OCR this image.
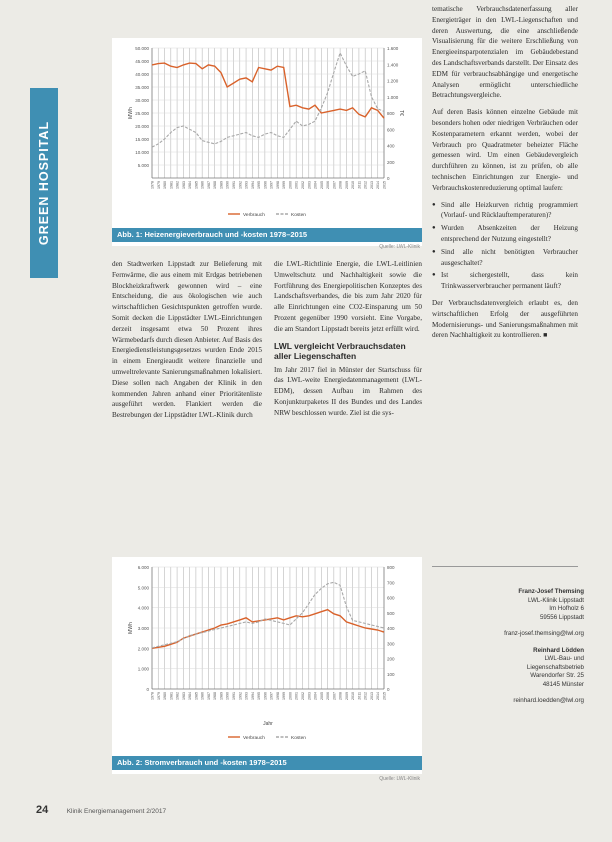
GREEN HOSPITAL	5.000
10.000
15.000
20.000
25.000
30.000
35.000
40.000
45.000
50.000
0
200
400
600
800
1.000
1.200
1.400
1.600
1978 1979 1980 1981 1982 1983 1984 1985 1986 1987 1988 1989 1990 1991 1992 1993 1994 1995 1996 1997 1998 1999 2000 2001 2002 2003 2004 2005 2006 2007 2008 2009 2010 2011 2012 2013 2014 2015
MWh	T€
Verbrauch	Kosten
Abb. 1: Heizenergieverbrauch und -kosten 1978–2015
Quelle: LWL-Klinik
0
1.000
2.000
3.000
4.000
5.000
6.000
0
100
200
300
400
500
600
700
800
1978 1979 1980 1981 1982 1983 1984 1985 1986 1987 1988 1989 1990 1991 1992 1993 1994 1995 1996 1997 1998 1999 2000 2001 2002 2003 2004 2005 2006 2007 2008 2009 2010 2011 2012 2013 2014 2015
MWh
Jahr
Verbrauch	Kosten
Abb. 2: Stromverbrauch und -kosten 1978–2015
Quelle: LWL-Klinik

den Stadtwerken Lippstadt zur Belieferung mit Fernwärme, die aus einem mit Erdgas betriebenen Blockheizkraftwerk gewonnen wird – eine Entscheidung, die aus ökologischen wie auch wirtschaftlichen Gesichtspunkten getroffen wurde. Somit decken die Lippstädter LWL-Einrichtungen derzeit insgesamt etwa 50 Prozent ihres Wärmebedarfs durch diesen Anbieter. Auf Basis des Energiedienstleistungsgesetzes wurden Ende 2015 in einem Energieaudit weitere finanzielle und umweltrelevante Sanierungsmaßnahmen lokalisiert. Diese sollen nach Angaben der Klinik in den kommenden Jahren anhand einer Prioritätenliste ausgeführt werden. Flankiert werden die Bestrebungen der Lippstädter LWL-Klinik durch

die LWL-Richtlinie Energie, die LWL-Leitlinien Umweltschutz und Nachhaltigkeit sowie die Fortführung des Energiepolitischen Konzeptes des Landschaftsverbandes, die bis zum Jahr 2020 für alle Einrichtungen eine CO2-Einsparung um 50 Prozent gegenüber 1990 vorsieht. Eine Vorgabe, die am Standort Lippstadt bereits jetzt erfüllt wird.

LWL vergleicht Verbrauchsdaten aller Liegenschaften

Im Jahr 2017 fiel in Münster der Startschuss für das LWL-weite Energiedatenmanagement (LWL-EDM), dessen Aufbau im Rahmen des Konjunkturpaketes II des Bundes und des Landes NRW beschlossen wurde. Ziel ist die sys-

tematische Verbrauchsdatenerfassung aller Energieträger in den LWL-Liegenschaften und deren Auswertung, die eine anschließende Visualisierung für die weitere Erschließung von Energieeinsparpotenzialen im Gebäudebestand des Landschaftsverbands darstellt. Der Einsatz des EDM für verbrauchsabhängige und energetische Analysen ermöglicht unterschiedliche Betrachtungsvergleiche.

Auf deren Basis können einzelne Gebäude mit besonders hohen oder niedrigen Verbräuchen oder Kostenparametern erkannt werden, wobei der Verbrauch pro Quadratmeter beheizter Fläche gemessen wird. Um einen Gebäudevergleich durchführen zu können, ist zu prüfen, ob alle technischen Einrichtungen zur Energie- und Verbrauchskostenreduzierung optimal laufen:

● Sind alle Heizkurven richtig programmiert (Vorlauf- und Rücklauftemperaturen)?
● Wurden Absenkzeiten der Heizung entsprechend der Nutzung eingestellt?
● Sind alle nicht benötigten Verbraucher ausgeschaltet?
● Ist sichergestellt, dass kein Trinkwasserverbraucher permanent läuft?

Der Verbrauchsdatenvergleich erlaubt es, den wirtschaftlichen Erfolg der ausgeführten Modernisierungs- und Sanierungsmaßnahmen mit deren Nachhaltigkeit zu kontrollieren. ■

Franz-Josef Themsing
LWL-Klinik Lippstadt
Im Hofholz 6
59556 Lippstadt
franz-josef.themsing@lwl.org
Reinhard Lödden
LWL-Bau- und
Liegenschaftsbetrieb
Warendorfer Str. 25
48145 Münster
reinhard.loedden@lwl.org
24	Klinik Energiemanagement 2/2017
